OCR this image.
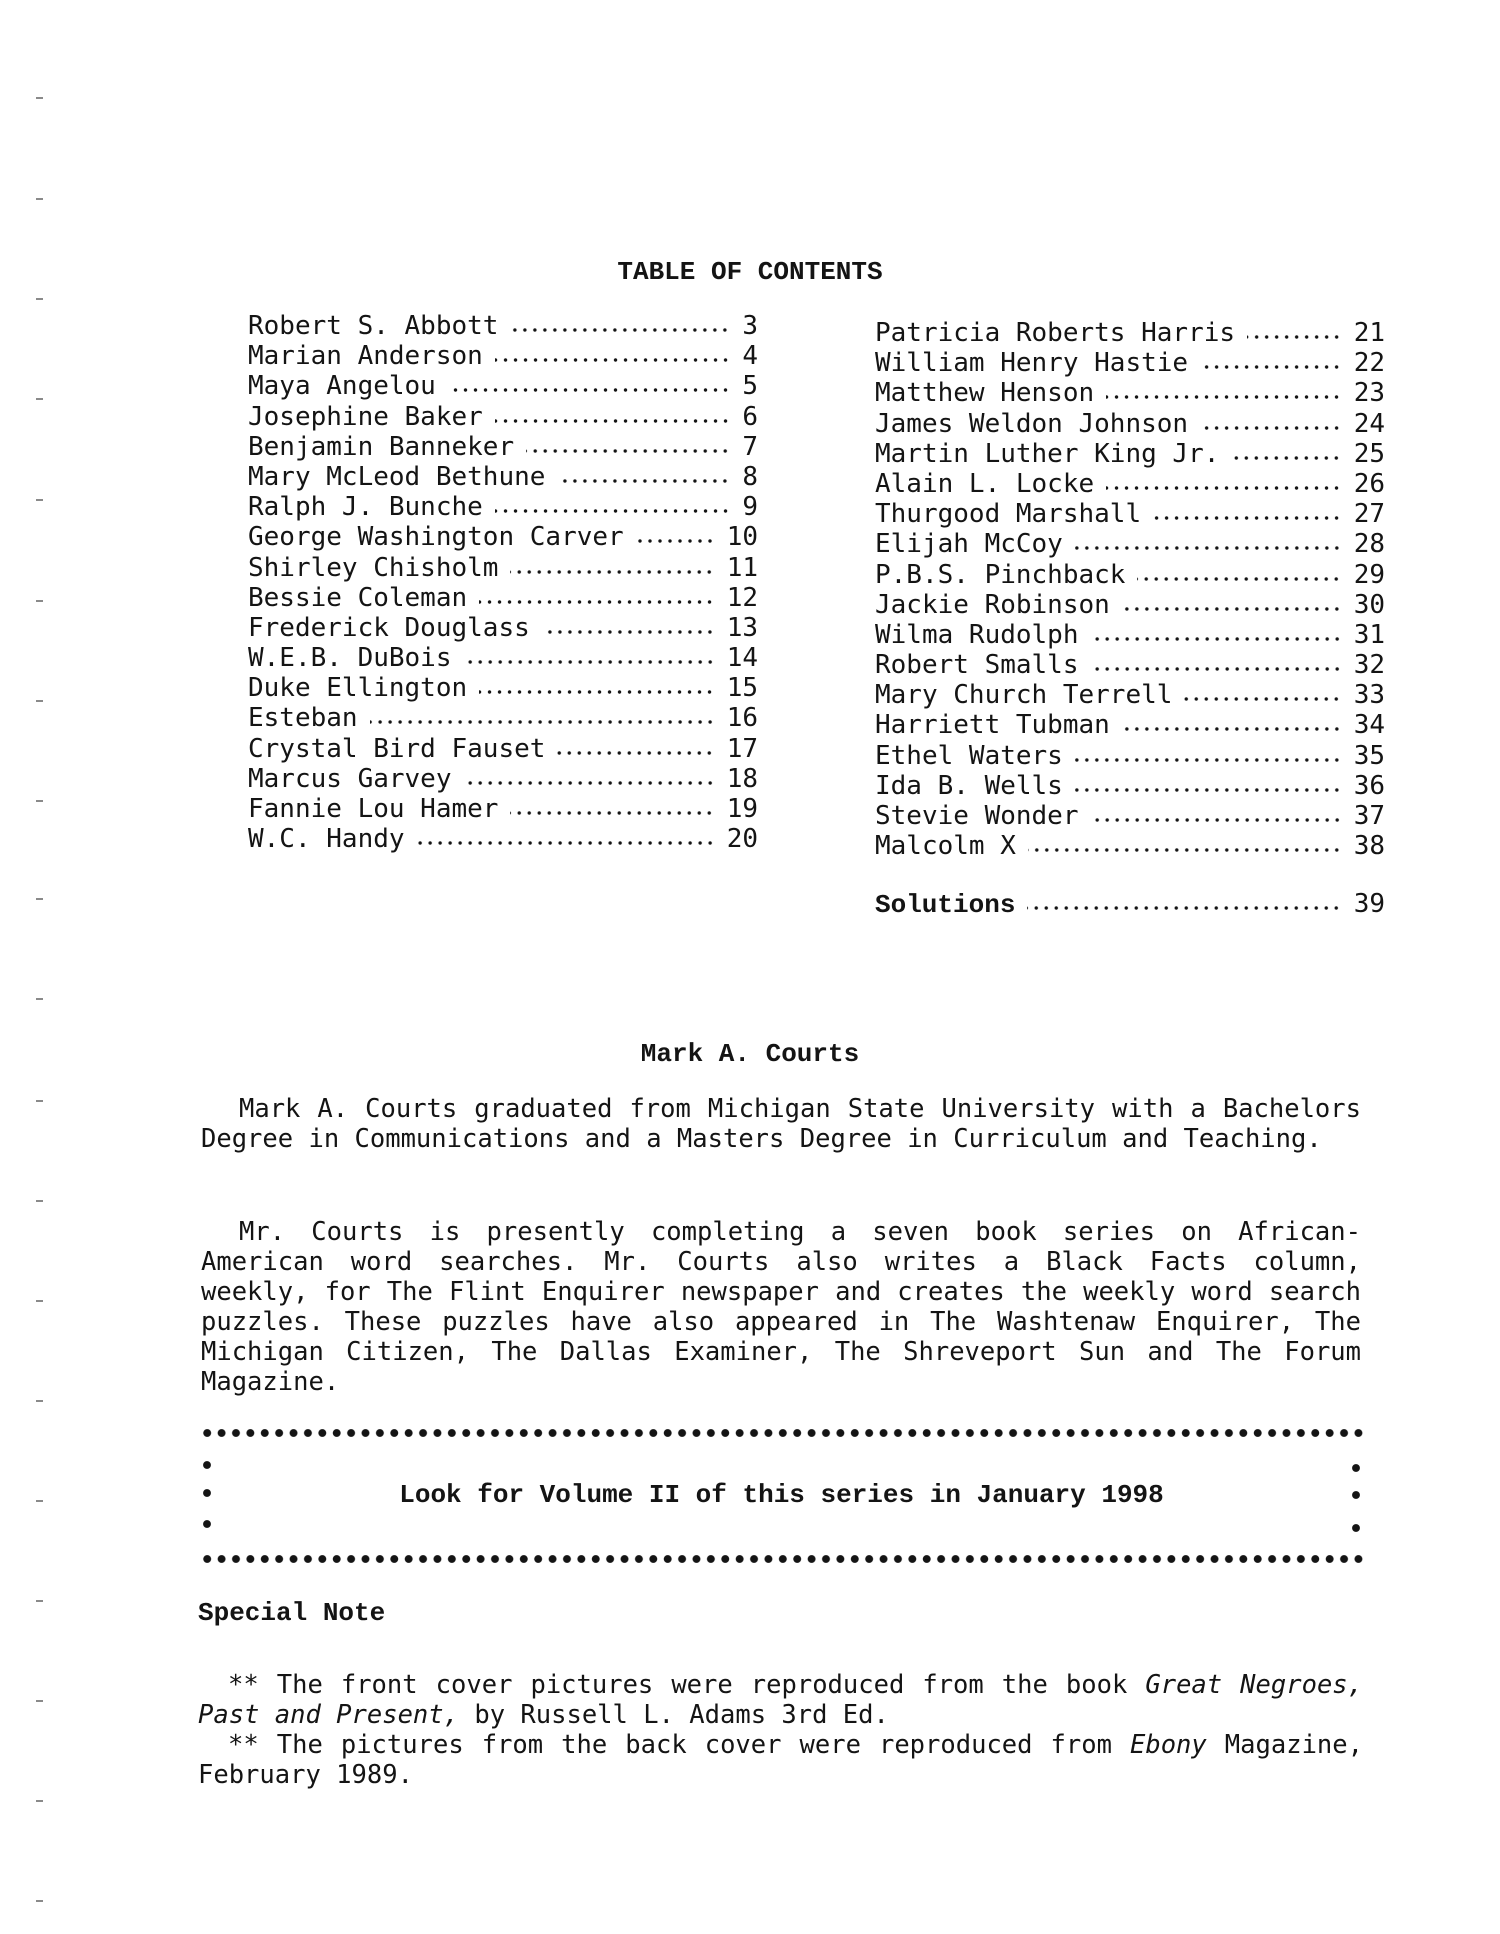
TABLE OF CONTENTS
Robert S. Abbott	3
Marian Anderson	4
Maya Angelou	5
Josephine Baker	6
Benjamin Banneker	7
Mary McLeod Bethune	8
Ralph J. Bunche	9
George Washington Carver	10
Shirley Chisholm	11
Bessie Coleman	12
Frederick Douglass	13
W.E.B. DuBois	14
Duke Ellington	15
Esteban	16
Crystal Bird Fauset	17
Marcus Garvey	18
Fannie Lou Hamer	19
W.C. Handy	20
Patricia Roberts Harris	21
William Henry Hastie	22
Matthew Henson	23
James Weldon Johnson	24
Martin Luther King Jr.	25
Alain L. Locke	26
Thurgood Marshall	27
Elijah McCoy	28
P.B.S. Pinchback	29
Jackie Robinson	30
Wilma Rudolph	31
Robert Smalls	32
Mary Church Terrell	33
Harriett Tubman	34
Ethel Waters	35
Ida B. Wells	36
Stevie Wonder	37
Malcolm X	38
Solutions	39
Mark A. Courts

Mark A. Courts graduated from Michigan State University with a Bachelors Degree in Communications and a Masters Degree in Curriculum and Teaching.

Mr. Courts is presently completing a seven book series on African-American word searches. Mr. Courts also writes a Black Facts column, weekly, for The Flint Enquirer newspaper and creates the weekly word search puzzles. These puzzles have also appeared in The Washtenaw Enquirer, The Michigan Citizen, The Dallas Examiner, The Shreveport Sun and The Forum Magazine.

Look for Volume II of this series in January 1998
Special Note

** The front cover pictures were reproduced from the book Great Negroes, Past and Present, by Russell L. Adams 3rd Ed.

** The pictures from the back cover were reproduced from Ebony Magazine, February 1989.
